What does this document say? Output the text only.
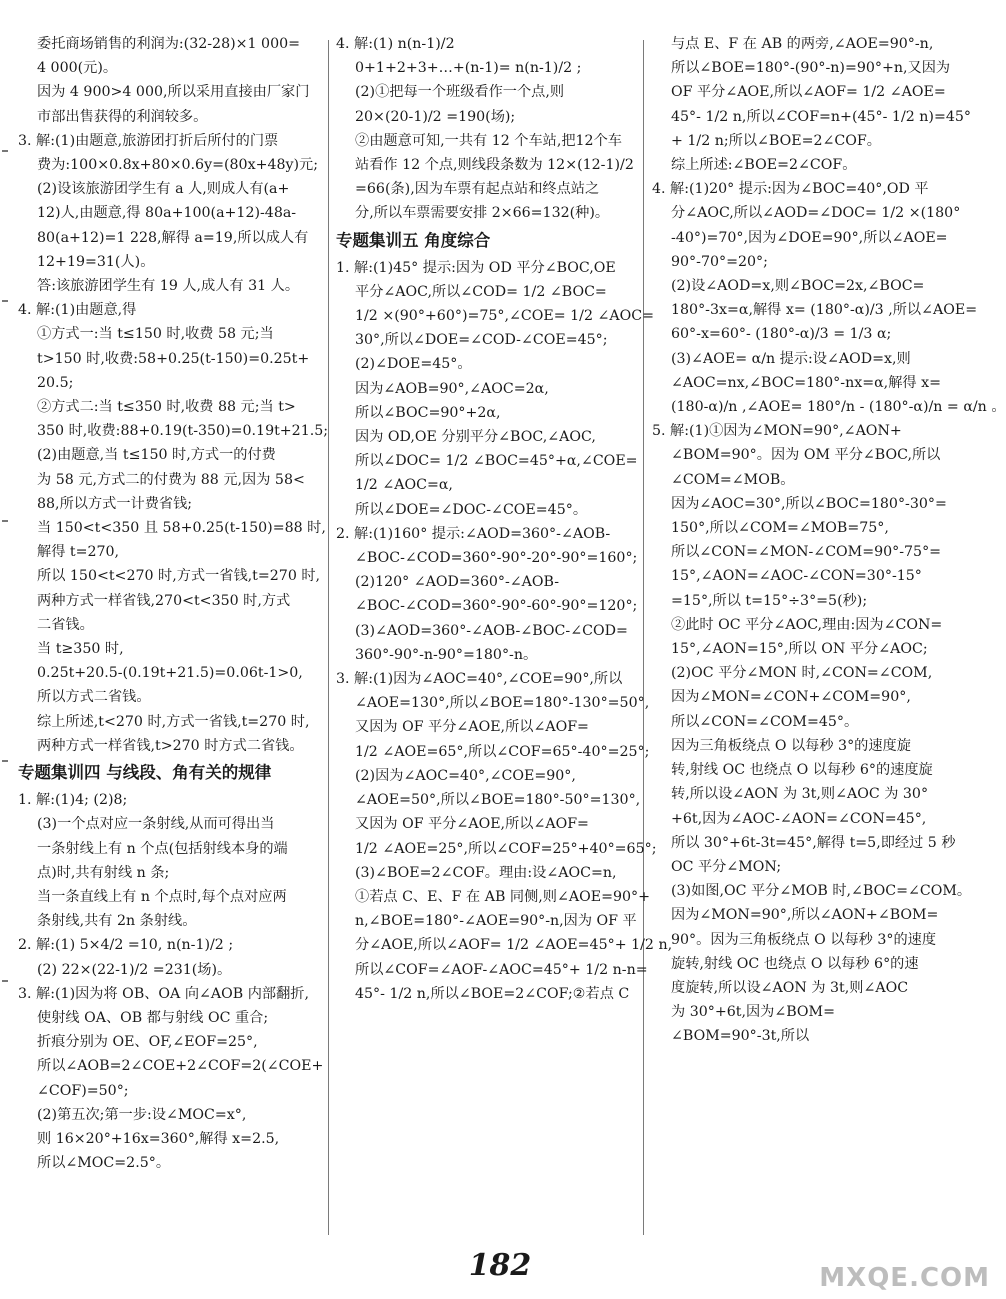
委托商场销售的利润为:(32-28)×1 000=
4 000(元)。
因为 4 900>4 000,所以采用直接由厂家门
市部出售获得的利润较多。
3. 解:(1)由题意,旅游团打折后所付的门票
费为:100×0.8x+80×0.6y=(80x+48y)元;
(2)设该旅游团学生有 a 人,则成人有(a+
12)人,由题意,得 80a+100(a+12)-48a-
80(a+12)=1 228,解得 a=19,所以成人有
12+19=31(人)。
答:该旅游团学生有 19 人,成人有 31 人。
4. 解:(1)由题意,得
①方式一:当 t≤150 时,收费 58 元;当
t>150 时,收费:58+0.25(t-150)=0.25t+
20.5;
②方式二:当 t≤350 时,收费 88 元;当 t>
350 时,收费:88+0.19(t-350)=0.19t+21.5;
(2)由题意,当 t≤150 时,方式一的付费
为 58 元,方式二的付费为 88 元,因为 58<
88,所以方式一计费省钱;
当 150<t<350 且 58+0.25(t-150)=88 时,
解得 t=270,
所以 150<t<270 时,方式一省钱,t=270 时,
两种方式一样省钱,270<t<350 时,方式
二省钱。
当 t≥350 时,
0.25t+20.5-(0.19t+21.5)=0.06t-1>0,
所以方式二省钱。
综上所述,t<270 时,方式一省钱,t=270 时,
两种方式一样省钱,t>270 时方式二省钱。
专题集训四 与线段、角有关的规律
1. 解:(1)4; (2)8;
(3)一个点对应一条射线,从而可得出当
一条射线上有 n 个点(包括射线本身的端
点)时,共有射线 n 条;
当一条直线上有 n 个点时,每个点对应两
条射线,共有 2n 条射线。
2. 解:(1) 5×4/2 =10, n(n-1)/2 ;
(2) 22×(22-1)/2 =231(场)。
3. 解:(1)因为将 OB、OA 向∠AOB 内部翻折,
使射线 OA、OB 都与射线 OC 重合;
折痕分别为 OE、OF,∠EOF=25°,
所以∠AOB=2∠COE+2∠COF=2(∠COE+
∠COF)=50°;
(2)第五次;第一步:设∠MOC=x°,
则 16×20°+16x=360°,解得 x=2.5,
所以∠MOC=2.5°。
4. 解:(1) n(n-1)/2
0+1+2+3+…+(n-1)= n(n-1)/2 ;
(2)①把每一个班级看作一个点,则
20×(20-1)/2 =190(场);
②由题意可知,一共有 12 个车站,把12个车
站看作 12 个点,则线段条数为 12×(12-1)/2
=66(条),因为车票有起点站和终点站之
分,所以车票需要安排 2×66=132(种)。
专题集训五 角度综合
1. 解:(1)45° 提示:因为 OD 平分∠BOC,OE
平分∠AOC,所以∠COD= 1/2 ∠BOC=
1/2 ×(90°+60°)=75°,∠COE= 1/2 ∠AOC=
30°,所以∠DOE=∠COD-∠COE=45°;
(2)∠DOE=45°。
因为∠AOB=90°,∠AOC=2α,
所以∠BOC=90°+2α,
因为 OD,OE 分别平分∠BOC,∠AOC,
所以∠DOC= 1/2 ∠BOC=45°+α,∠COE=
1/2 ∠AOC=α,
所以∠DOE=∠DOC-∠COE=45°。
2. 解:(1)160° 提示:∠AOD=360°-∠AOB-
∠BOC-∠COD=360°-90°-20°-90°=160°;
(2)120° ∠AOD=360°-∠AOB-
∠BOC-∠COD=360°-90°-60°-90°=120°;
(3)∠AOD=360°-∠AOB-∠BOC-∠COD=
360°-90°-n-90°=180°-n。
3. 解:(1)因为∠AOC=40°,∠COE=90°,所以
∠AOE=130°,所以∠BOE=180°-130°=50°,
又因为 OF 平分∠AOE,所以∠AOF=
1/2 ∠AOE=65°,所以∠COF=65°-40°=25°;
(2)因为∠AOC=40°,∠COE=90°,
∠AOE=50°,所以∠BOE=180°-50°=130°,
又因为 OF 平分∠AOE,所以∠AOF=
1/2 ∠AOE=25°,所以∠COF=25°+40°=65°;
(3)∠BOE=2∠COF。理由:设∠AOC=n,
①若点 C、E、F 在 AB 同侧,则∠AOE=90°+
n,∠BOE=180°-∠AOE=90°-n,因为 OF 平
分∠AOE,所以∠AOF= 1/2 ∠AOE=45°+ 1/2 n,
所以∠COF=∠AOF-∠AOC=45°+ 1/2 n-n=
45°- 1/2 n,所以∠BOE=2∠COF;②若点 C
与点 E、F 在 AB 的两旁,∠AOE=90°-n,
所以∠BOE=180°-(90°-n)=90°+n,又因为
OF 平分∠AOE,所以∠AOF= 1/2 ∠AOE=
45°- 1/2 n,所以∠COF=n+(45°- 1/2 n)=45°
+ 1/2 n;所以∠BOE=2∠COF。
综上所述:∠BOE=2∠COF。
4. 解:(1)20° 提示:因为∠BOC=40°,OD 平
分∠AOC,所以∠AOD=∠DOC= 1/2 ×(180°
-40°)=70°,因为∠DOE=90°,所以∠AOE=
90°-70°=20°;
(2)设∠AOD=x,则∠BOC=2x,∠BOC=
180°-3x=α,解得 x= (180°-α)/3 ,所以∠AOE=
60°-x=60°- (180°-α)/3 = 1/3 α;
(3)∠AOE= α/n 提示:设∠AOD=x,则
∠AOC=nx,∠BOC=180°-nx=α,解得 x=
(180-α)/n ,∠AOE= 180°/n - (180°-α)/n = α/n 。
5. 解:(1)①因为∠MON=90°,∠AON+
∠BOM=90°。因为 OM 平分∠BOC,所以
∠COM=∠MOB。
因为∠AOC=30°,所以∠BOC=180°-30°=
150°,所以∠COM=∠MOB=75°,
所以∠CON=∠MON-∠COM=90°-75°=
15°,∠AON=∠AOC-∠CON=30°-15°
=15°,所以 t=15°÷3°=5(秒);
②此时 OC 平分∠AOC,理由:因为∠CON=
15°,∠AON=15°,所以 ON 平分∠AOC;
(2)OC 平分∠MON 时,∠CON=∠COM,
因为∠MON=∠CON+∠COM=90°,
所以∠CON=∠COM=45°。
因为三角板绕点 O 以每秒 3°的速度旋
转,射线 OC 也绕点 O 以每秒 6°的速度旋
转,所以设∠AON 为 3t,则∠AOC 为 30°
+6t,因为∠AOC-∠AON=∠CON=45°,
所以 30°+6t-3t=45°,解得 t=5,即经过 5 秒
OC 平分∠MON;
(3)如图,OC 平分∠MOB 时,∠BOC=∠COM。
因为∠MON=90°,所以∠AON+∠BOM=
90°。因为三角板绕点 O 以每秒 3°的速度
旋转,射线 OC 也绕点 O 以每秒 6°的速
度旋转,所以设∠AON 为 3t,则∠AOC
为 30°+6t,因为∠BOM=
∠BOM=90°-3t,所以
182	MXQE.COM
